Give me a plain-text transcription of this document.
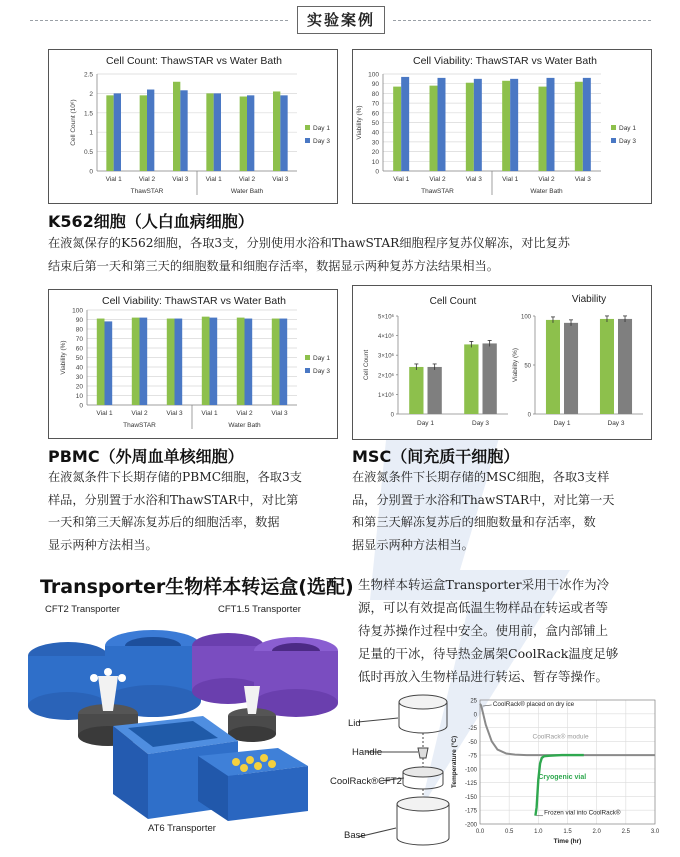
实验案例
Cell Count: ThawSTAR vs Water Bath
0
0.5
1
1.5
2
2.5
Cell Count (10⁶)
Vial 1	Vial 2	Vial 3	Vial 1	Vial 2	Vial 3
ThawSTAR	Water Bath
Day 1
Day 3
Cell Viability: ThawSTAR vs Water Bath
0
10
20
30
40
50
60
70
80
90
100
Viability (%)
Vial 1	Vial 2	Vial 3	Vial 1	Vial 2	Vial 3
ThawSTAR	Water Bath
Day 1
Day 3
Cell Viability: ThawSTAR vs Water Bath
0
10
20
30
40
50
60
70
80
90
100
Viability (%)
Vial 1	Vial 2	Vial 3	Vial 1	Vial 2	Vial 3
ThawSTAR	Water Bath
Day 1
Day 3
Cell Count
0
1×10⁶
2×10⁶
3×10⁶
4×10⁶
5×10⁶
Cell Count
Day 1	Day 3
Viability
0
50
100
Viability (%)
Day 1	Day 3
K562细胞（人白血病细胞）
在液氮保存的K562细胞，各取3支，分别使用水浴和ThawSTAR细胞程序复苏仪解冻，对比复苏
结束后第一天和第三天的细胞数量和细胞存活率，数据显示两种复苏方法结果相当。
PBMC（外周血单核细胞）
在液氮条件下长期存储的PBMC细胞，各取3支
样品，分别置于水浴和ThawSTAR中，对比第
一天和第三天解冻复苏后的细胞活率，数据
显示两种方法相当。
MSC（间充质干细胞）
在液氮条件下长期存储的MSC细胞，各取3支样
品，分别置于水浴和ThawSTAR中，对比第一天
和第三天解冻复苏后的细胞数量和存活率，数
据显示两种方法相当。
Transporter生物样本转运盒(选配) 生物样本转运盒Transporter采用干冰作为冷
源，可以有效提高低温生物样品在转运或者等
待复苏操作过程中安全。使用前，盒内部铺上
足量的干冰，待导热金属架CoolRack温度足够
低时再放入生物样品进行转运、暂存等操作。
CFT2 Transporter	CFT1.5 Transporter
AT6 Transporter
Lid
Handle
CoolRack®CFT2
Base
25
0
-25
-50
-75
-100
-125
-150
-175
-200
0.0	0.5	1.0	1.5	2.0	2.5	3.0
Time (hr)
Temperature (°C)
CoolRack® placed on dry ice
CoolRack® module
Cryogenic vial
Frozen vial into CoolRack®
